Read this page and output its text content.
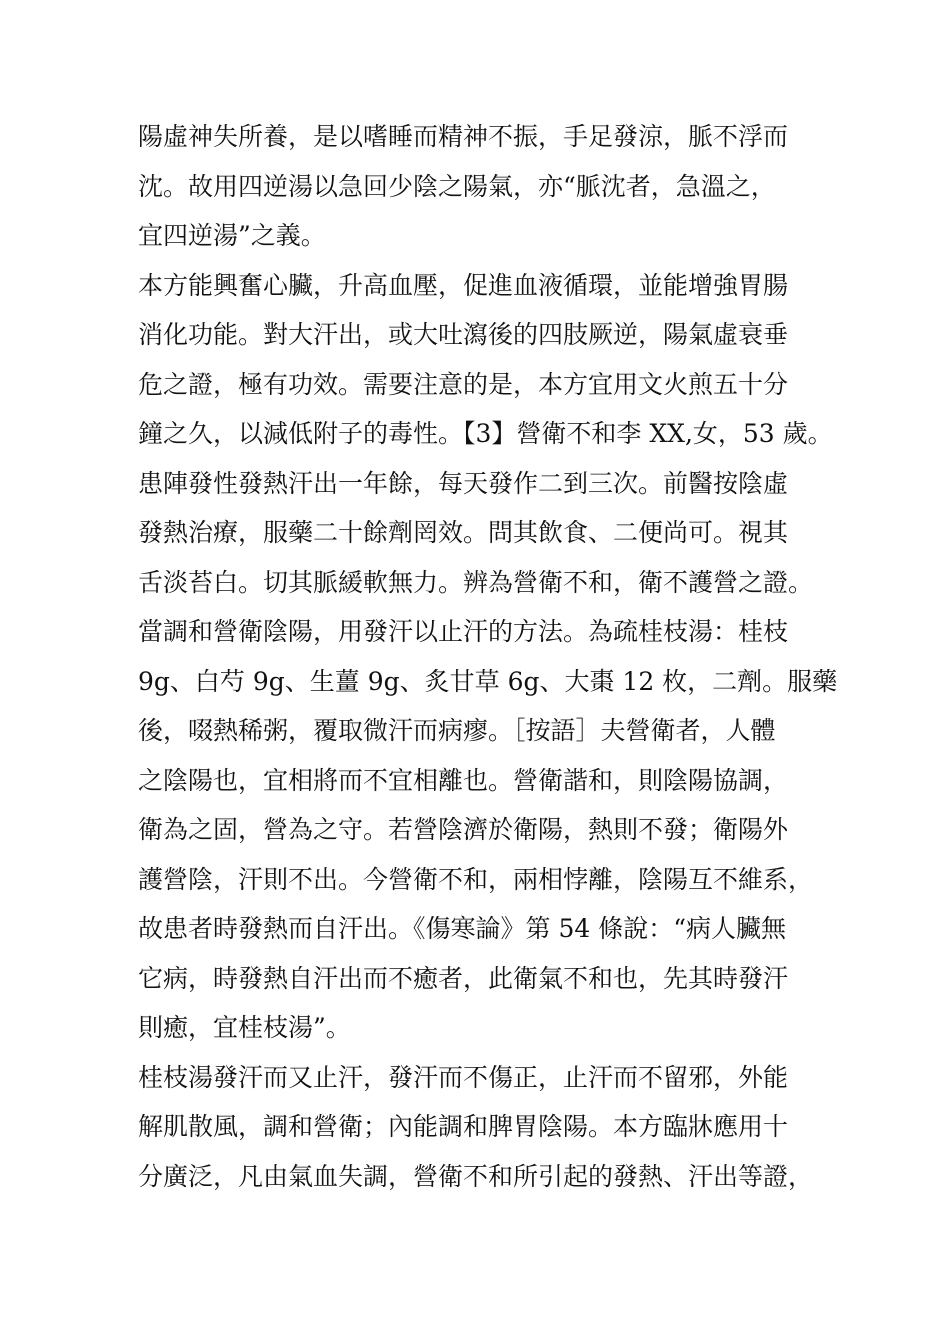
陽虛神失所養，是以嗜睡而精神不振，手足發涼，脈不浮而
沈。故用四逆湯以急回少陰之陽氣，亦“脈沈者，急溫之，
宜四逆湯”之義。
本方能興奮心臟，升高血壓，促進血液循環，並能增強胃腸
消化功能。對大汗出，或大吐瀉後的四肢厥逆，陽氣虛衰垂
危之證，極有功效。需要注意的是，本方宜用文火煎五十分
鐘之久，以減低附子的毒性。【3】營衛不和李 XX,女，53 歲。
患陣發性發熱汗出一年餘，每天發作二到三次。前醫按陰虛
發熱治療，服藥二十餘劑罔效。問其飲食、二便尚可。視其
舌淡苔白。切其脈緩軟無力。辨為營衛不和，衛不護營之證。
當調和營衛陰陽，用發汗以止汗的方法。為疏桂枝湯：桂枝
9g、白芍 9g、生薑 9g、炙甘草 6g、大棗 12 枚，二劑。服藥
後，啜熱稀粥，覆取微汗而病瘳。［按語］夫營衛者，人體
之陰陽也，宜相將而不宜相離也。營衛諧和，則陰陽協調，
衛為之固，營為之守。若營陰濟於衛陽，熱則不發；衛陽外
護營陰，汗則不出。今營衛不和，兩相悖離，陰陽互不維系，
故患者時發熱而自汗出。《傷寒論》第 54 條說：“病人臟無
它病，時發熱自汗出而不癒者，此衛氣不和也，先其時發汗
則癒，宜桂枝湯”。
桂枝湯發汗而又止汗，發汗而不傷正，止汗而不留邪，外能
解肌散風，調和營衛；內能調和脾胃陰陽。本方臨牀應用十
分廣泛，凡由氣血失調，營衛不和所引起的發熱、汗出等證，
